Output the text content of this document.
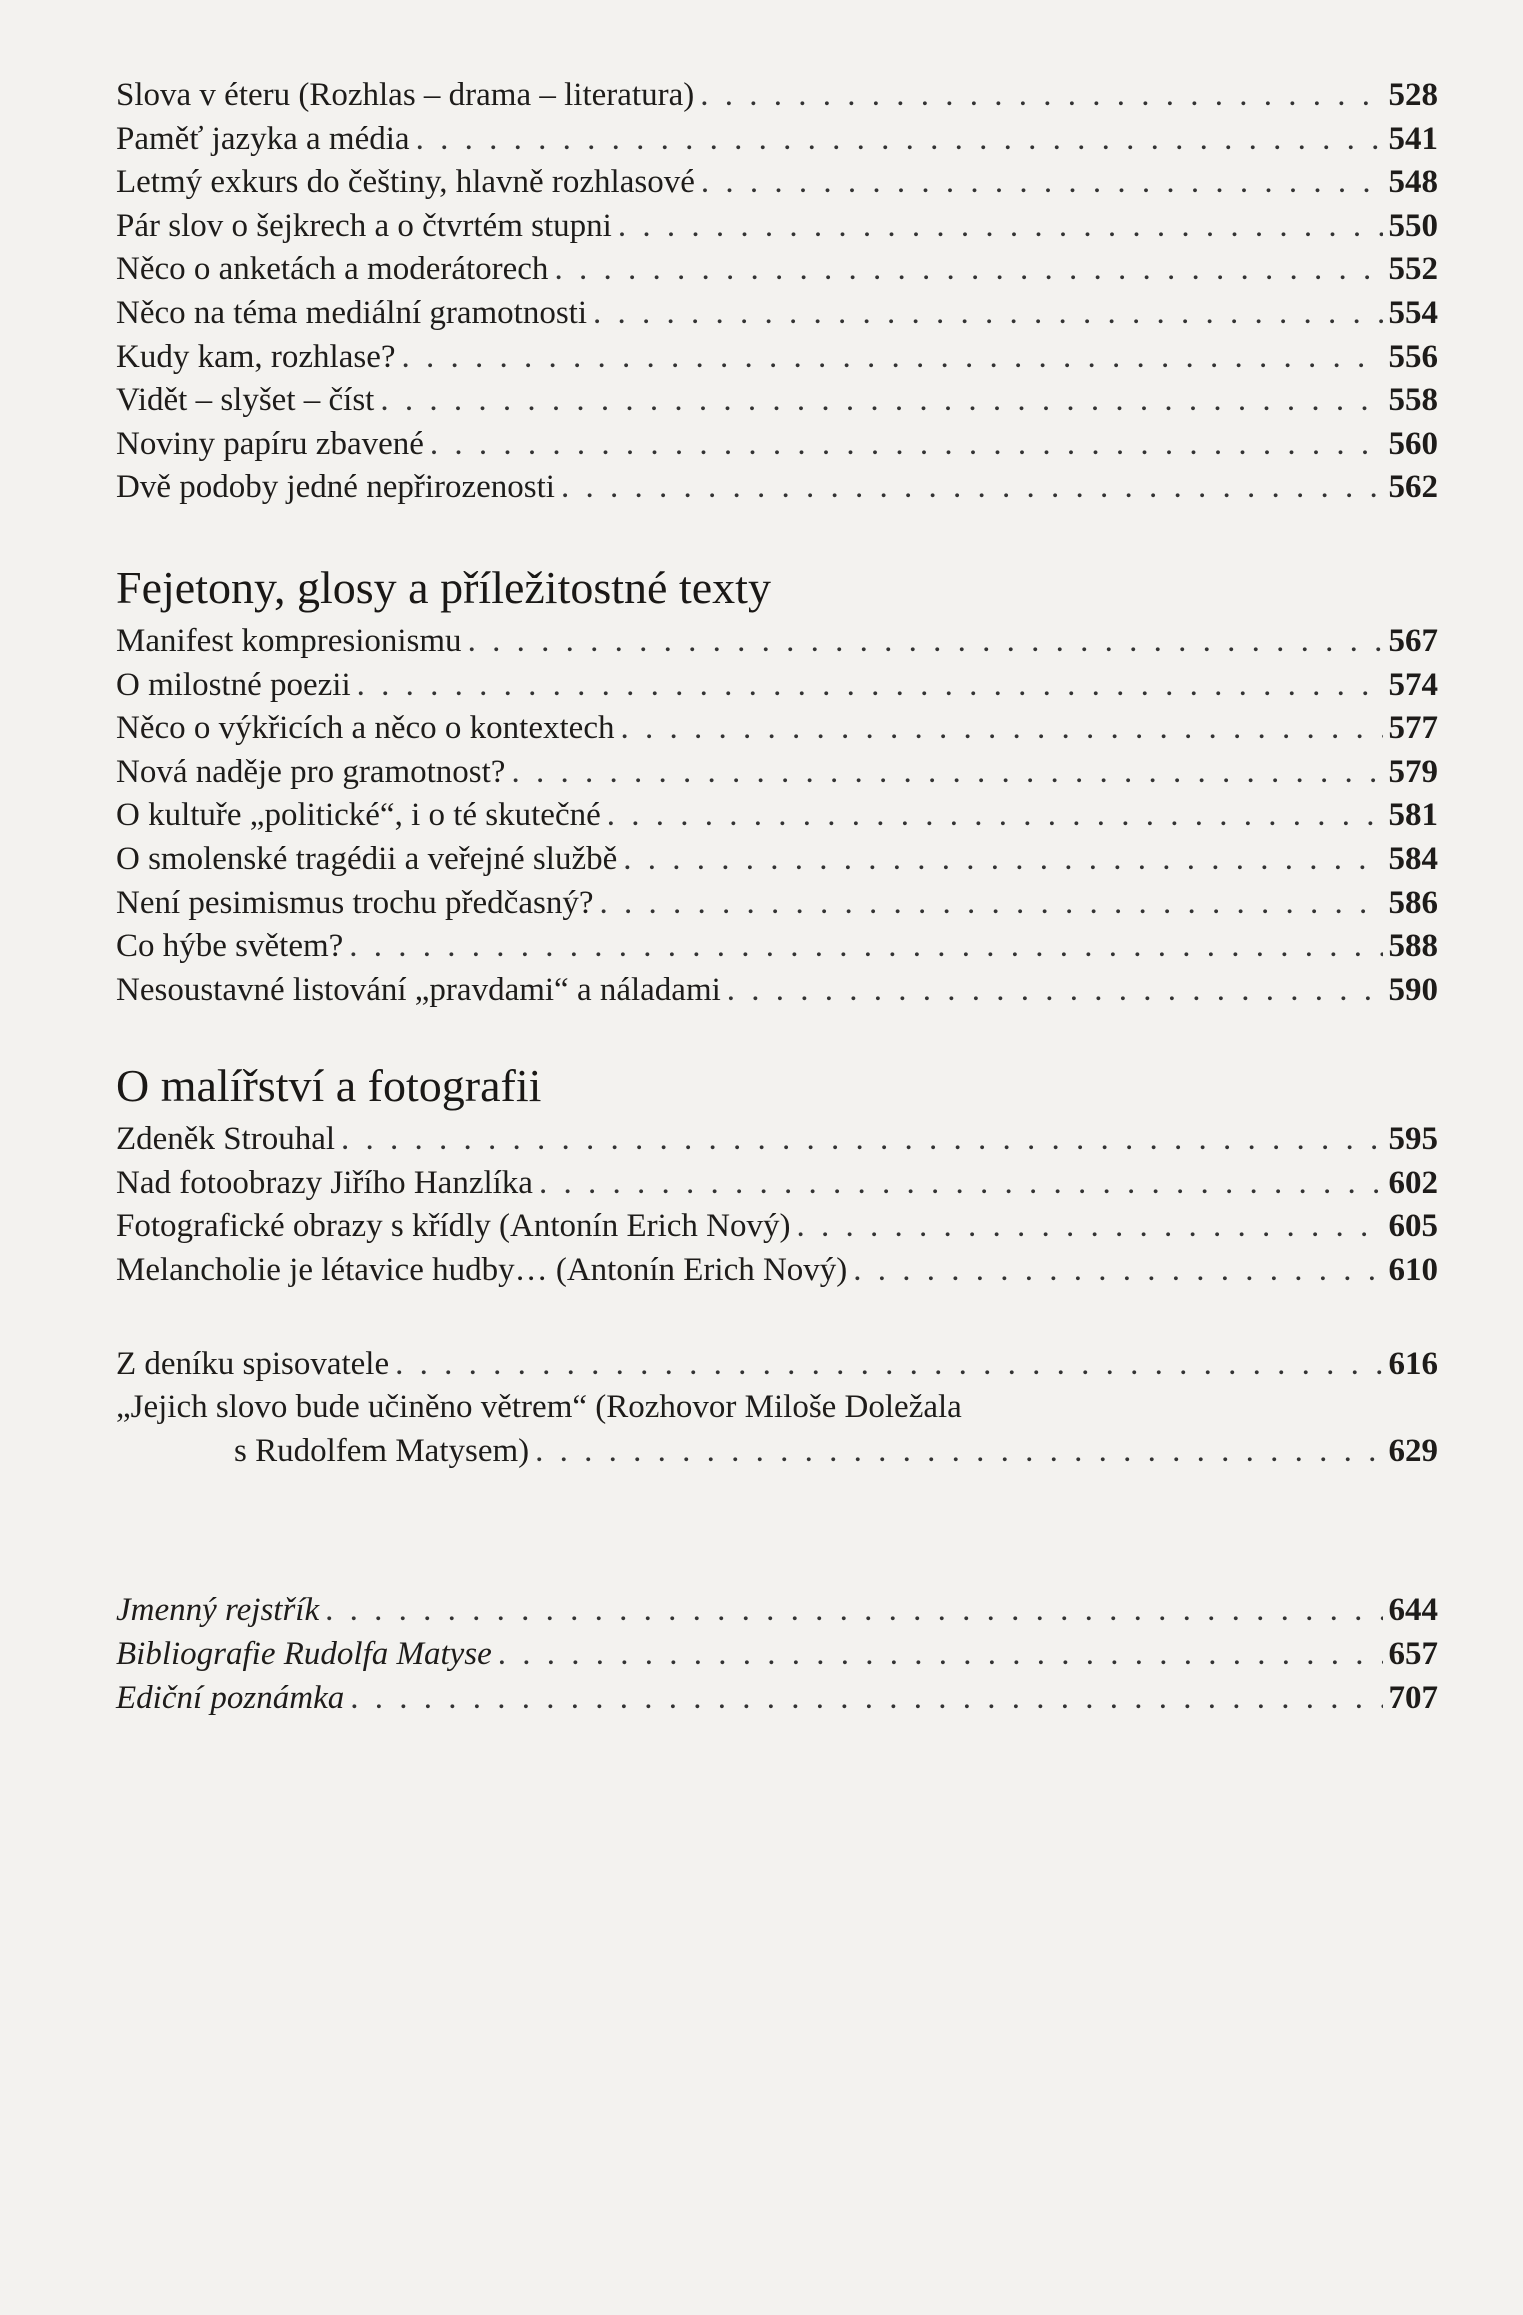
Slova v éteru (Rozhlas – drama – literatura) . . .	528
Paměť jazyka a média . . .	541
Letmý exkurs do češtiny, hlavně rozhlasové . . .	548
Pár slov o šejkrech a o čtvrtém stupni . . .	550
Něco o anketách a moderátorech . . .	552
Něco na téma mediální gramotnosti . . .	554
Kudy kam, rozhlase? . . .	556
Vidět – slyšet – číst . . .	558
Noviny papíru zbavené . . .	560
Dvě podoby jedné nepřirozenosti . . .	562
Fejetony, glosy a příležitostné texty
Manifest kompresionismu . . .	567
O milostné poezii . . .	574
Něco o výkřicích a něco o kontextech . . .	577
Nová naděje pro gramotnost? . . .	579
O kultuře „politické“, i o té skutečné . . .	581
O smolenské tragédii a veřejné službě . . .	584
Není pesimismus trochu předčasný? . . .	586
Co hýbe světem? . . .	588
Nesoustavné listování „pravdami“ a náladami . . .	590
O malířství a fotografii
Zdeněk Strouhal . . .	595
Nad fotoobrazy Jiřího Hanzlíka . . .	602
Fotografické obrazy s křídly (Antonín Erich Nový) . . .	605
Melancholie je létavice hudby… (Antonín Erich Nový) . . .	610
Z deníku spisovatele . . .	616
„Jejich slovo bude učiněno větrem“ (Rozhovor Miloše Doležala
s Rudolfem Matysem) . . .	629
Jmenný rejstřík . . .	644
Bibliografie Rudolfa Matyse . . .	657
Ediční poznámka . . .	707
